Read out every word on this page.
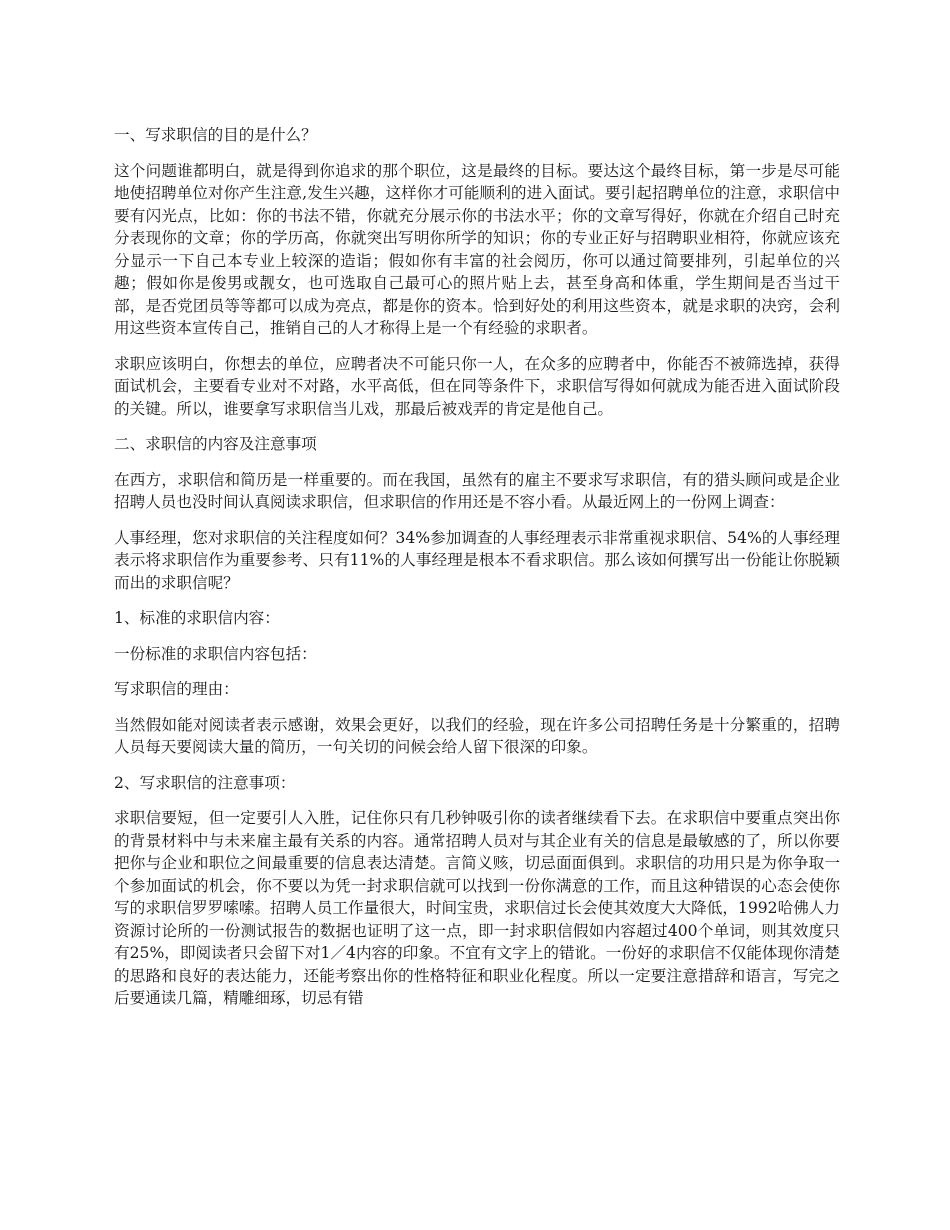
一、写求职信的目的是什么？

这个问题谁都明白，就是得到你追求的那个职位，这是最终的目标。要达这个最终目标，第一步是尽可能地使招聘单位对你产生注意,发生兴趣，这样你才可能顺利的进入面试。要引起招聘单位的注意，求职信中要有闪光点，比如：你的书法不错，你就充分展示你的书法水平；你的文章写得好，你就在介绍自己时充分表现你的文章；你的学历高，你就突出写明你所学的知识；你的专业正好与招聘职业相符，你就应该充分显示一下自己本专业上较深的造诣；假如你有丰富的社会阅历，你可以通过简要排列，引起单位的兴趣；假如你是俊男或靓女，也可选取自己最可心的照片贴上去，甚至身高和体重，学生期间是否当过干部，是否党团员等等都可以成为亮点，都是你的资本。恰到好处的利用这些资本，就是求职的决窍，会利用这些资本宣传自己，推销自己的人才称得上是一个有经验的求职者。

求职应该明白，你想去的单位，应聘者决不可能只你一人，在众多的应聘者中，你能否不被筛选掉，获得面试机会，主要看专业对不对路，水平高低，但在同等条件下，求职信写得如何就成为能否进入面试阶段的关键。所以，谁要拿写求职信当儿戏，那最后被戏弄的肯定是他自己。

二、求职信的内容及注意事项

在西方，求职信和简历是一样重要的。而在我国，虽然有的雇主不要求写求职信，有的猎头顾问或是企业招聘人员也没时间认真阅读求职信，但求职信的作用还是不容小看。从最近网上的一份网上调查：

人事经理，您对求职信的关注程度如何？34%参加调查的人事经理表示非常重视求职信、54%的人事经理表示将求职信作为重要参考、只有11%的人事经理是根本不看求职信。那么该如何撰写出一份能让你脱颖而出的求职信呢？

1、标准的求职信内容：

一份标准的求职信内容包括：

写求职信的理由：

当然假如能对阅读者表示感谢，效果会更好，以我们的经验，现在许多公司招聘任务是十分繁重的，招聘人员每天要阅读大量的简历，一句关切的问候会给人留下很深的印象。

2、写求职信的注意事项：

求职信要短，但一定要引人入胜，记住你只有几秒钟吸引你的读者继续看下去。在求职信中要重点突出你的背景材料中与未来雇主最有关系的内容。通常招聘人员对与其企业有关的信息是最敏感的了，所以你要把你与企业和职位之间最重要的信息表达清楚。言简义赅，切忌面面俱到。求职信的功用只是为你争取一个参加面试的机会，你不要以为凭一封求职信就可以找到一份你满意的工作，而且这种错误的心态会使你写的求职信罗罗嗦嗦。招聘人员工作量很大，时间宝贵，求职信过长会使其效度大大降低，1992哈佛人力资源讨论所的一份测试报告的数据也证明了这一点，即一封求职信假如内容超过400个单词，则其效度只有25%，即阅读者只会留下对1／4内容的印象。不宜有文字上的错讹。一份好的求职信不仅能体现你清楚的思路和良好的表达能力，还能考察出你的性格特征和职业化程度。所以一定要注意措辞和语言，写完之后要通读几篇，精雕细琢，切忌有错
